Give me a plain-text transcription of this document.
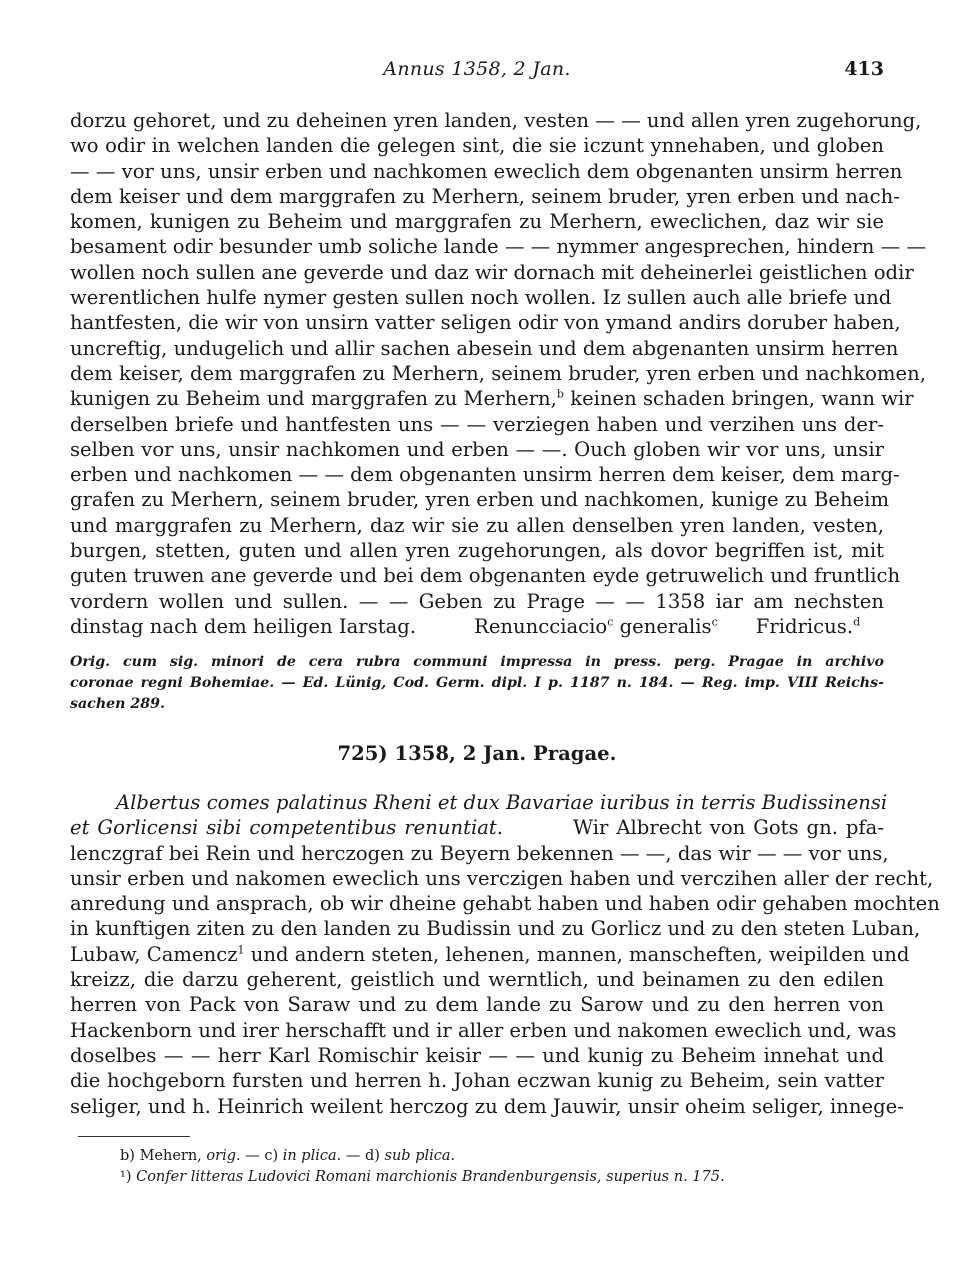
Annus 1358, 2 Jan.	413

dorzu gehoret, und zu deheinen yren landen, vesten — — und allen yren zugehorung,
wo odir in welchen landen die gelegen sint, die sie iczunt ynnehaben, und globen
— — vor uns, unsir erben und nachkomen eweclich dem obgenanten unsirm herren
dem keiser und dem marggrafen zu Merhern, seinem bruder, yren erben und nach-
komen, kunigen zu Beheim und marggrafen zu Merhern, eweclichen, daz wir sie
besament odir besunder umb soliche lande — — nymmer angesprechen, hindern — —
wollen noch sullen ane geverde und daz wir dornach mit deheinerlei geistlichen odir
werentlichen hulfe nymer gesten sullen noch wollen. Iz sullen auch alle briefe und
hantfesten, die wir von unsirn vatter seligen odir von ymand andirs doruber haben,
uncreftig, undugelich und allir sachen abesein und dem abgenanten unsirm herren
dem keiser, dem marggrafen zu Merhern, seinem bruder, yren erben und nachkomen,
kunigen zu Beheim und marggrafen zu Merhern,$^b$ keinen schaden bringen, wann wir
derselben briefe und hantfesten uns — — verziegen haben und verzihen uns der-
selben vor uns, unsir nachkomen und erben — —. Ouch globen wir vor uns, unsir
erben und nachkomen — — dem obgenanten unsirm herren dem keiser, dem marg-
grafen zu Merhern, seinem bruder, yren erben und nachkomen, kunige zu Beheim
und marggrafen zu Merhern, daz wir sie zu allen denselben yren landen, vesten,
burgen, stetten, guten und allen yren zugehorungen, als dovor begriffen ist, mit
guten truwen ane geverde und bei dem obgenanten eyde getruwelich und fruntlich
vordern wollen und sullen. — — Geben zu Prage — — 1358 iar am nechsten
dinstag nach dem heiligen Iarstag.	Renuncciacio$^c$ generalis$^c$ Fridricus.$^d$

Orig. cum sig. minori de cera rubra communi impressa in press. perg. Pragae in archivo
coronae regni Bohemiae. — Ed. Lünig, Cod. Germ. dipl. I p. 1187 n. 184. — Reg. imp. VIII Reichs-
sachen 289.

725) 1358, 2 Jan. Pragae.

Albertus comes palatinus Rheni et dux Bavariae iuribus in terris Budissinensi
et Gorlicensi sibi competentibus renuntiat.	Wir Albrecht von Gots gn. pfa-
lenczgraf bei Rein und herczogen zu Beyern bekennen — —, das wir — — vor uns,
unsir erben und nakomen eweclich uns verczigen haben und verczihen aller der recht,
anredung und ansprach, ob wir dheine gehabt haben und haben odir gehaben mochten
in kunftigen ziten zu den landen zu Budissin und zu Gorlicz und zu den steten Luban,
Lubaw, Camencz$^1$ und andern steten, lehenen, mannen, manscheften, weipilden und
kreizz, die darzu geherent, geistlich und werntlich, und beinamen zu den edilen
herren von Pack von Saraw und zu dem lande zu Sarow und zu den herren von
Hackenborn und irer herschafft und ir aller erben und nakomen eweclich und, was
doselbes — — herr Karl Romischir keisir — — und kunig zu Beheim innehat und
die hochgeborn fursten und herren h. Johan eczwan kunig zu Beheim, sein vatter
seliger, und h. Heinrich weilent herczog zu dem Jauwir, unsir oheim seliger, innege-

b) Mehern, orig. — c) in plica. — d) sub plica.

¹) Confer litteras Ludovici Romani marchionis Brandenburgensis, superius n. 175.
